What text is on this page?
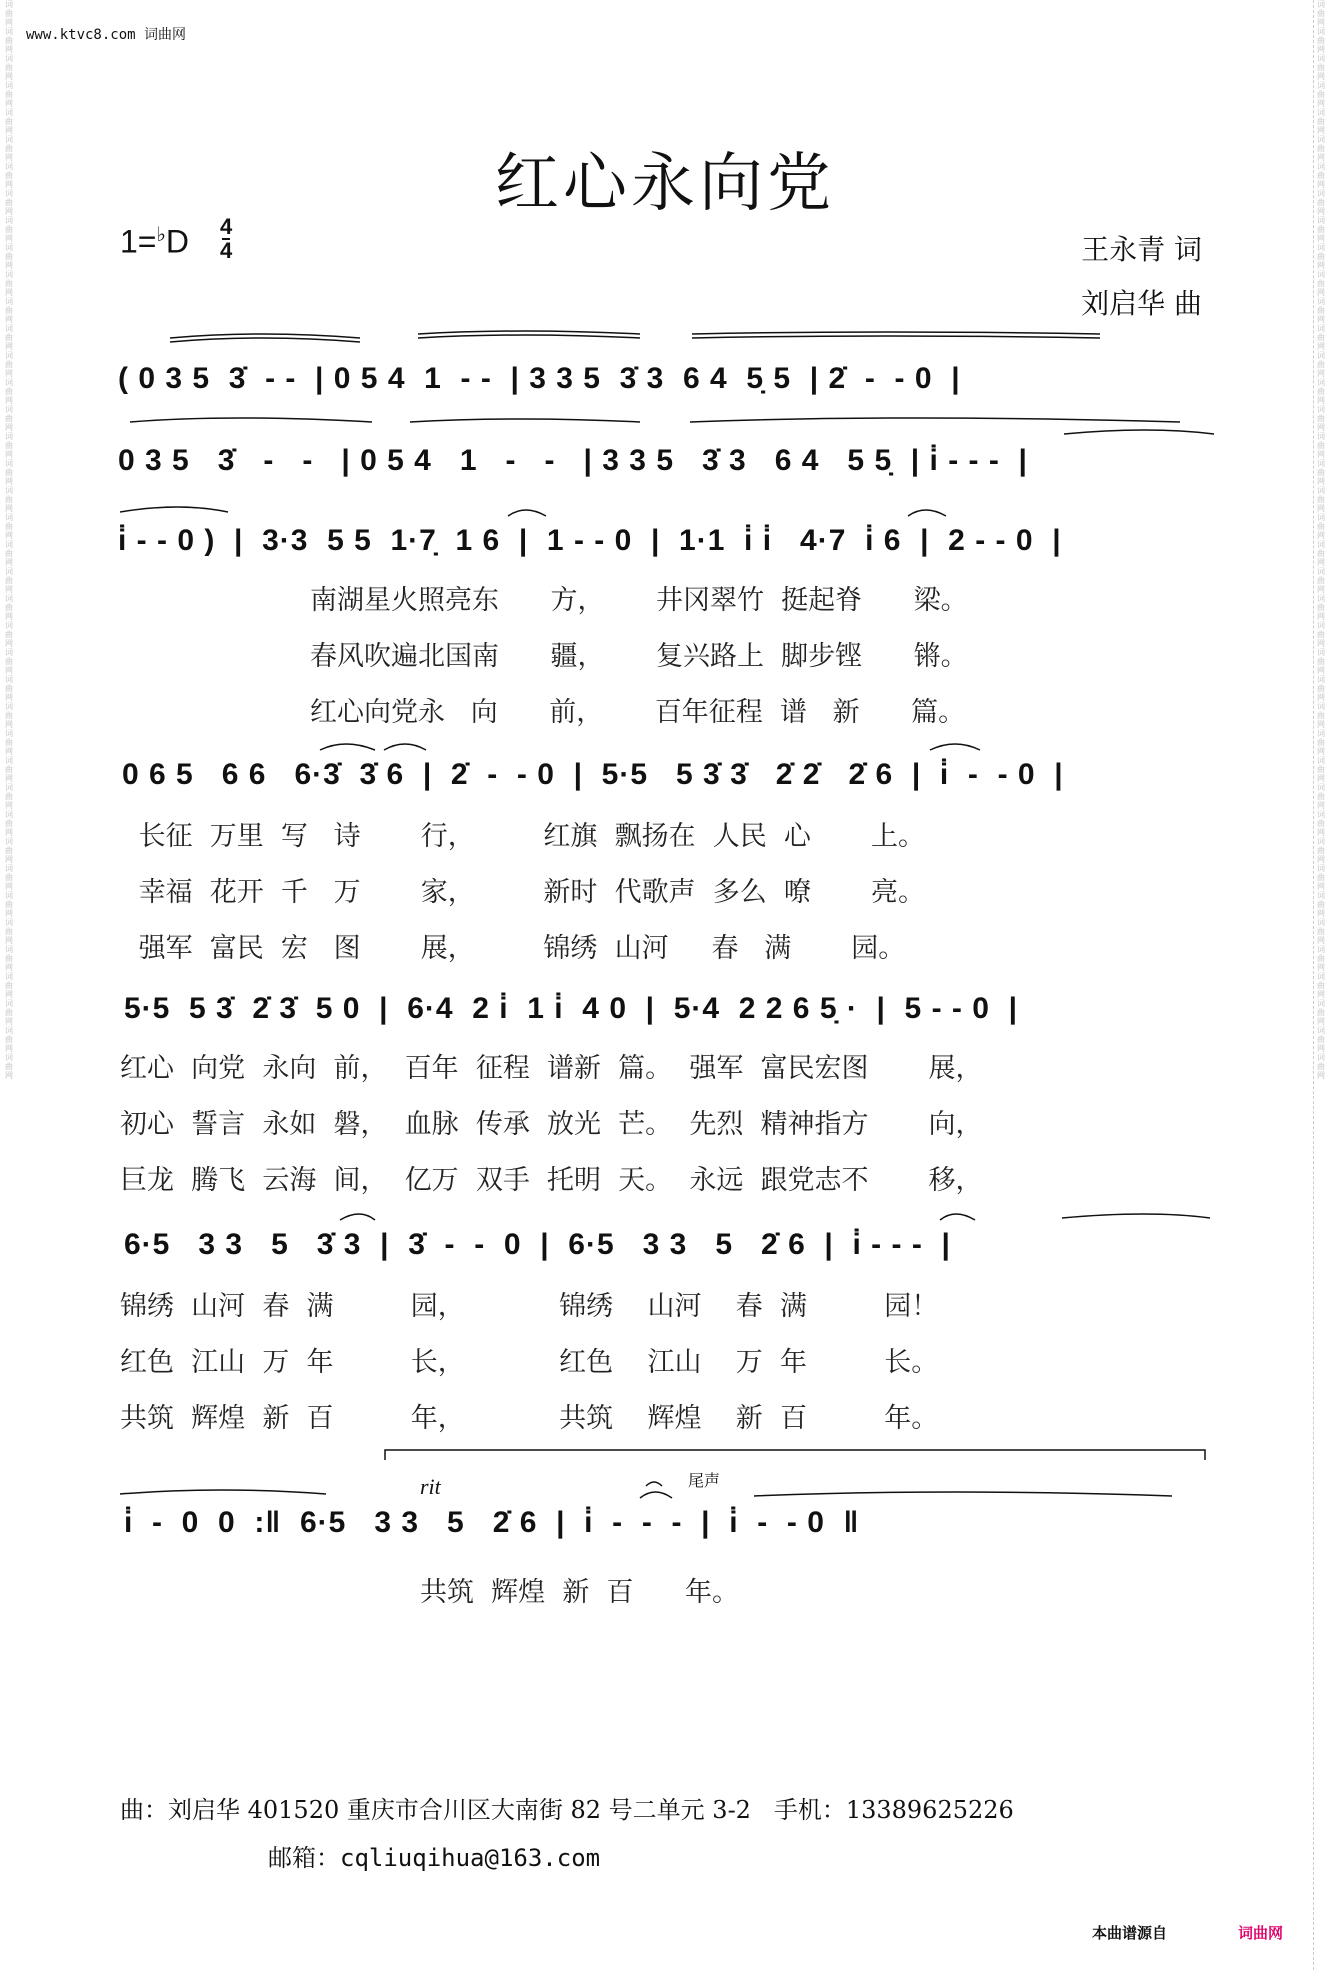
词曲网 词曲网 词曲网 词曲网 词曲网 词曲网 词曲网 词曲网 词曲网 词曲网 词曲网 词曲网 词曲网 词曲网 词曲网 词曲网 词曲网 词曲网 词曲网 词曲网 词曲网 词曲网 词曲网 词曲网 词曲网 词曲网 词曲网 词曲网 词曲网 词曲网 词曲网 词曲网 词曲网 词曲网 词曲网 词曲网 词曲网 词曲网 词曲网 词曲网
词曲网 词曲网 词曲网 词曲网 词曲网 词曲网 词曲网 词曲网 词曲网 词曲网 词曲网 词曲网 词曲网 词曲网 词曲网 词曲网 词曲网 词曲网 词曲网 词曲网 词曲网 词曲网 词曲网 词曲网 词曲网 词曲网 词曲网 词曲网 词曲网 词曲网 词曲网 词曲网 词曲网 词曲网 词曲网 词曲网 词曲网 词曲网 词曲网 词曲网
www.ktvc8.com 词曲网
红心永向党
1=♭D 4
4	王永青 词
刘启华 曲
( 0 3 5  3̇  - -  | 0 5 4  1  - -  | 3 3 5  3̇ 3  6 4  5̣ 5  | 2̇  -  - 0  |
0 3 5   3̇   -   -   | 0 5 4   1   -   -   | 3 3 5   3̇ 3   6 4   5 5̣  | i̇ - - -  |
i̇ - - 0 )  |  3·3  5 5  1·7̣  1 6  |  1 - - 0  |  1·1  i̇ i̇   4·7  i̇ 6  |  2 - - 0  |
南湖星火照亮东      方，      井冈翠竹  挺起脊      梁。
春风吹遍北国南      疆，      复兴路上  脚步铿      锵。
红心向党永   向      前，      百年征程  谱   新      篇。
0 6 5   6 6   6·3̇  3̇ 6  |  2̇  -  - 0  |  5·5   5 3̇ 3̇   2̇ 2̇   2̇ 6  |  i̇  -  - 0  |
长征  万里  写   诗       行，        红旗  飘扬在  人民  心       上。
幸福  花开  千   万       家，        新时  代歌声  多么  嘹       亮。
强军  富民  宏   图       展，        锦绣  山河     春   满       园。
5·5  5 3̇  2̇ 3̇  5 0  |  6·4  2 i̇  1 i̇  4 0  |  5·4  2 2 6 5̣ ·  |  5 - - 0  |
红心  向党  永向  前，  百年  征程  谱新  篇。  强军  富民宏图       展，
初心  誓言  永如  磐，  血脉  传承  放光  芒。  先烈  精神指方       向，
巨龙  腾飞  云海  间，  亿万  双手  托明  天。  永远  跟党志不       移，
6·5   3 3   5   3̇ 3  |  3̇  -  -  0  |  6·5   3 3   5   2̇ 6  |  i̇ - - -  |
锦绣  山河  春  满         园，           锦绣    山河    春  满         园！
红色  江山  万  年         长，           红色    江山    万  年         长。
共筑  辉煌  新  百         年，           共筑    辉煌    新  百         年。
rit	尾声
i̇  -  0  0  :‖  6·5   3 3   5   2̇ 6  |  i̇  -  -  -  |  i̇  -  - 0  ‖
共筑  辉煌  新  百      年。
曲：刘启华 401520 重庆市合川区大南街 82 号二单元 3-2   手机：13389625226
邮箱：cqliuqihua@163.com
本曲谱源自	词曲网
